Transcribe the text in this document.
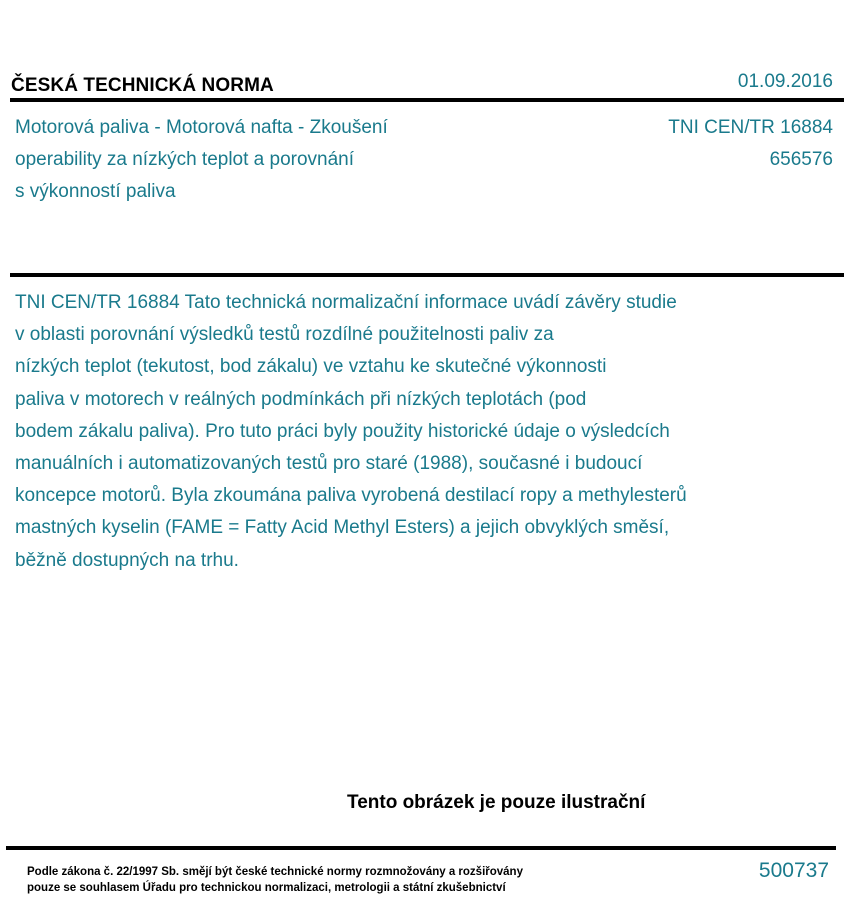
ČESKÁ TECHNICKÁ NORMA	01.09.2016
Motorová paliva - Motorová nafta - Zkoušení
operability za nízkých teplot a porovnání
s výkonností paliva
TNI CEN/TR 16884
656576
TNI CEN/TR 16884 Tato technická normalizační informace uvádí závěry studie
v oblasti porovnání výsledků testů rozdílné použitelnosti paliv za
nízkých teplot (tekutost, bod zákalu) ve vztahu ke skutečné výkonnosti
paliva v motorech v reálných podmínkách při nízkých teplotách (pod
bodem zákalu paliva). Pro tuto práci byly použity historické údaje o výsledcích
manuálních i automatizovaných testů pro staré (1988), současné i budoucí
koncepce motorů. Byla zkoumána paliva vyrobená destilací ropy a methylesterů
mastných kyselin (FAME = Fatty Acid Methyl Esters) a jejich obvyklých směsí,
běžně dostupných na trhu.
Tento obrázek je pouze ilustrační
Podle zákona č. 22/1997 Sb. smějí být české technické normy rozmnožovány a rozšiřovány
pouze se souhlasem Úřadu pro technickou normalizaci, metrologii a státní zkušebnictví
500737
